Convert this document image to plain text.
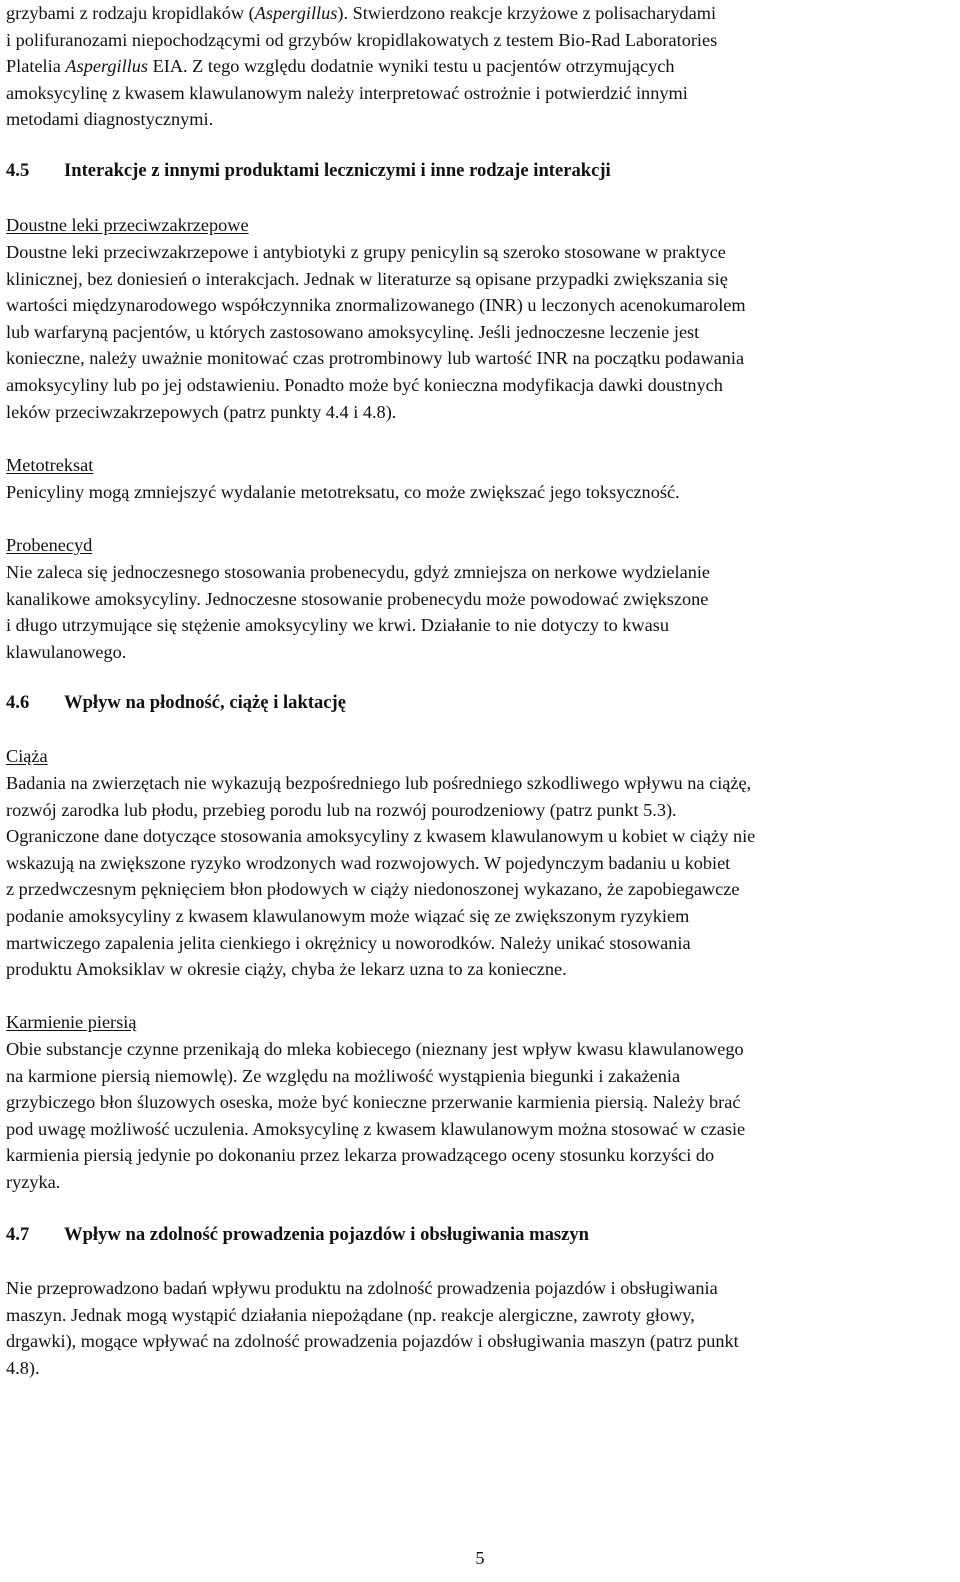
grzybami z rodzaju kropidlaków (Aspergillus). Stwierdzono reakcje krzyżowe z polisacharydami
i polifuranozami niepochodzącymi od grzybów kropidlakowatych z testem Bio-Rad Laboratories
Platelia Aspergillus EIA. Z tego względu dodatnie wyniki testu u pacjentów otrzymujących
amoksycylinę z kwasem klawulanowym należy interpretować ostrożnie i potwierdzić innymi
metodami diagnostycznymi.
4.5	Interakcje z innymi produktami leczniczymi i inne rodzaje interakcji
Doustne leki przeciwzakrzepowe
Doustne leki przeciwzakrzepowe i antybiotyki z grupy penicylin są szeroko stosowane w praktyce
klinicznej, bez doniesień o interakcjach. Jednak w literaturze są opisane przypadki zwiększania się
wartości międzynarodowego współczynnika znormalizowanego (INR) u leczonych acenokumarolem
lub warfaryną pacjentów, u których zastosowano amoksycylinę. Jeśli jednoczesne leczenie jest
konieczne, należy uważnie monitować czas protrombinowy lub wartość INR na początku podawania
amoksycyliny lub po jej odstawieniu. Ponadto może być konieczna modyfikacja dawki doustnych
leków przeciwzakrzepowych (patrz punkty 4.4 i 4.8).
Metotreksat
Penicyliny mogą zmniejszyć wydalanie metotreksatu, co może zwiększać jego toksyczność.
Probenecyd
Nie zaleca się jednoczesnego stosowania probenecydu, gdyż zmniejsza on nerkowe wydzielanie
kanalikowe amoksycyliny. Jednoczesne stosowanie probenecydu może powodować zwiększone
i długo utrzymujące się stężenie amoksycyliny we krwi. Działanie to nie dotyczy to kwasu
klawulanowego.
4.6	Wpływ na płodność, ciążę i laktację
Ciąża
Badania na zwierzętach nie wykazują bezpośredniego lub pośredniego szkodliwego wpływu na ciążę,
rozwój zarodka lub płodu, przebieg porodu lub na rozwój pourodzeniowy (patrz punkt 5.3).
Ograniczone dane dotyczące stosowania amoksycyliny z kwasem klawulanowym u kobiet w ciąży nie
wskazują na zwiększone ryzyko wrodzonych wad rozwojowych. W pojedynczym badaniu u kobiet
z przedwczesnym pęknięciem błon płodowych w ciąży niedonoszonej wykazano, że zapobiegawcze
podanie amoksycyliny z kwasem klawulanowym może wiązać się ze zwiększonym ryzykiem
martwiczego zapalenia jelita cienkiego i okrężnicy u noworodków. Należy unikać stosowania
produktu Amoksiklav w okresie ciąży, chyba że lekarz uzna to za konieczne.
Karmienie piersią
Obie substancje czynne przenikają do mleka kobiecego (nieznany jest wpływ kwasu klawulanowego
na karmione piersią niemowlę). Ze względu na możliwość wystąpienia biegunki i zakażenia
grzybiczego błon śluzowych oseska, może być konieczne przerwanie karmienia piersią. Należy brać
pod uwagę możliwość uczulenia. Amoksycylinę z kwasem klawulanowym można stosować w czasie
karmienia piersią jedynie po dokonaniu przez lekarza prowadzącego oceny stosunku korzyści do
ryzyka.
4.7	Wpływ na zdolność prowadzenia pojazdów i obsługiwania maszyn
Nie przeprowadzono badań wpływu produktu na zdolność prowadzenia pojazdów i obsługiwania
maszyn. Jednak mogą wystąpić działania niepożądane (np. reakcje alergiczne, zawroty głowy,
drgawki), mogące wpływać na zdolność prowadzenia pojazdów i obsługiwania maszyn (patrz punkt
4.8).
5
